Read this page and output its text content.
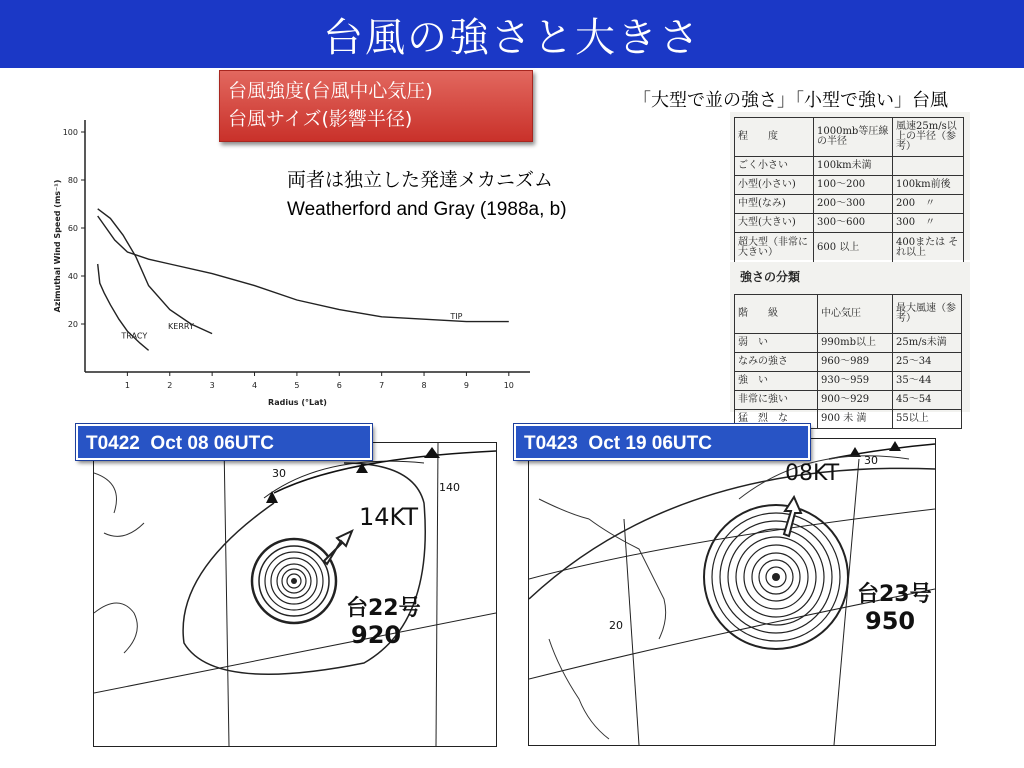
台風の強さと大きさ
台風強度(台風中心気圧)
台風サイズ(影響半径)
両者は独立した発達メカニズム
Weatherford and Gray (1988a, b)
1	2	3	4	5	6	7	8	9	10
20
40
60
80
100
Radius (°Lat)
Azimuthal Wind Speed (ms⁻¹)
TRACY
KERRY
TIP
「大型で並の強さ」「小型で強い」台風
程　　度	1000mb等圧線の半径	風速25m/s以上の半径（参考）
ごく小さい	100km未満	
小型(小さい)	100～200	100km前後
中型(なみ)	200～300	200　〃
大型(大きい)	300～600	300　〃
超大型（非常に大きい）	600 以上	400または それ以上
強さの分類
階　　級	中心気圧	最大風速（参考）
弱　い	990mb以上	25m/s未満
なみの強さ	960～989	25～34
強　い	930～959	35～44
非常に強い	900～929	45～54
猛　烈　な	900 未 満	55以上
14KT
台22号
920
30
140
T0422  Oct 08 06UTC
08KT
台23号
950
30
20
T0423  Oct 19 06UTC
